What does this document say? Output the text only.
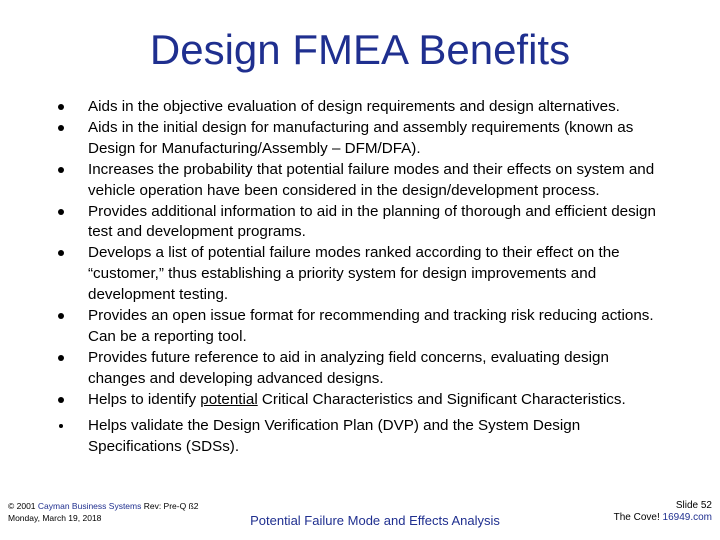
Design FMEA Benefits
Aids in the objective evaluation of design requirements and design alternatives.
Aids in the initial design for manufacturing and assembly requirements (known as Design for Manufacturing/Assembly – DFM/DFA).
Increases the probability that potential failure modes and their effects on system and vehicle operation have been considered in the design/development process.
Provides additional information to aid in the planning of thorough and efficient design test and development programs.
Develops a list of potential failure modes ranked according to their effect on the “customer,” thus establishing a priority system for design improvements and development testing.
Provides an open issue format for recommending and tracking risk reducing actions. Can be a reporting tool.
Provides future reference to aid in analyzing field concerns, evaluating design changes and developing advanced designs.
Helps to identify potential Critical Characteristics and Significant Characteristics.
Helps validate the Design Verification Plan (DVP) and the System Design Specifications (SDSs).
© 2001 Cayman Business Systems Rev: Pre-Q ß2
Monday, March 19, 2018	Potential Failure Mode and Effects Analysis
Slide 52
The Cove! 16949.com
